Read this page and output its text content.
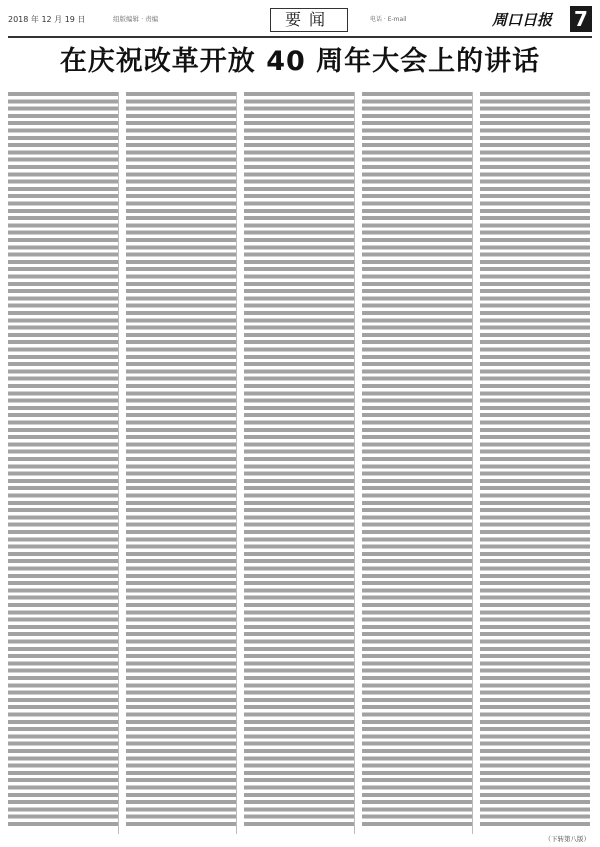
2018 年 12 月 19 日	组版编辑 · 责编	要闻	电话 · E-mail	周口日报 7
在庆祝改革开放 40 周年大会上的讲话
（下转第八版）
